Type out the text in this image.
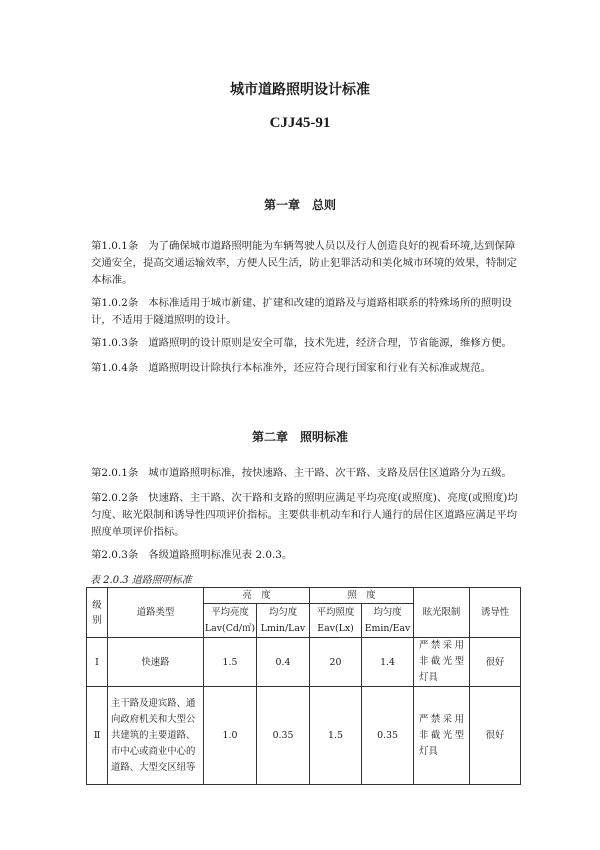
城市道路照明设计标准
CJJ45-91
第一章　总则
第1.0.1条 为了确保城市道路照明能为车辆驾驶人员以及行人创造良好的视看环境,达到保障交通安全，提高交通运输效率，方便人民生活，防止犯罪活动和美化城市环境的效果，特制定本标准。
第1.0.2条 本标准适用于城市新建、扩建和改建的道路及与道路相联系的特殊场所的照明设计，不适用于隧道照明的设计。
第1.0.3条 道路照明的设计原则是安全可靠，技术先进，经济合理，节省能源，维修方便。
第1.0.4条 道路照明设计除执行本标准外，还应符合现行国家和行业有关标准或规范。
第二章　照明标准
第2.0.1条 城市道路照明标准，按快速路、主干路、次干路、支路及居住区道路分为五级。
第2.0.2条 快速路、主干路、次干路和支路的照明应满足平均亮度(或照度)、亮度(或照度)均匀度、眩光限制和诱导性四项评价指标。主要供非机动车和行人通行的居住区道路应满足平均照度单项评价指标。
第2.0.3条 各级道路照明标准见表 2.0.3。
表 2.0.3 道路照明标准
级别	道路类型	亮　度		照　度		眩光限制	诱导性
		平均亮度	均匀度	平均照度	均匀度		
		Lav(Cd/㎡)	Lmin/Lav	Eav(Lx)	Emin/Eav		
Ⅰ	快速路	1.5	0.4	20	1.4	严禁采用非截光型灯具	很好
Ⅱ	主干路及迎宾路、通向政府机关和大型公共建筑的主要道路、市中心或商业中心的道路、大型交区纽等	1.0	0.35	1.5	0.35	严禁采用非截光型灯具	很好
